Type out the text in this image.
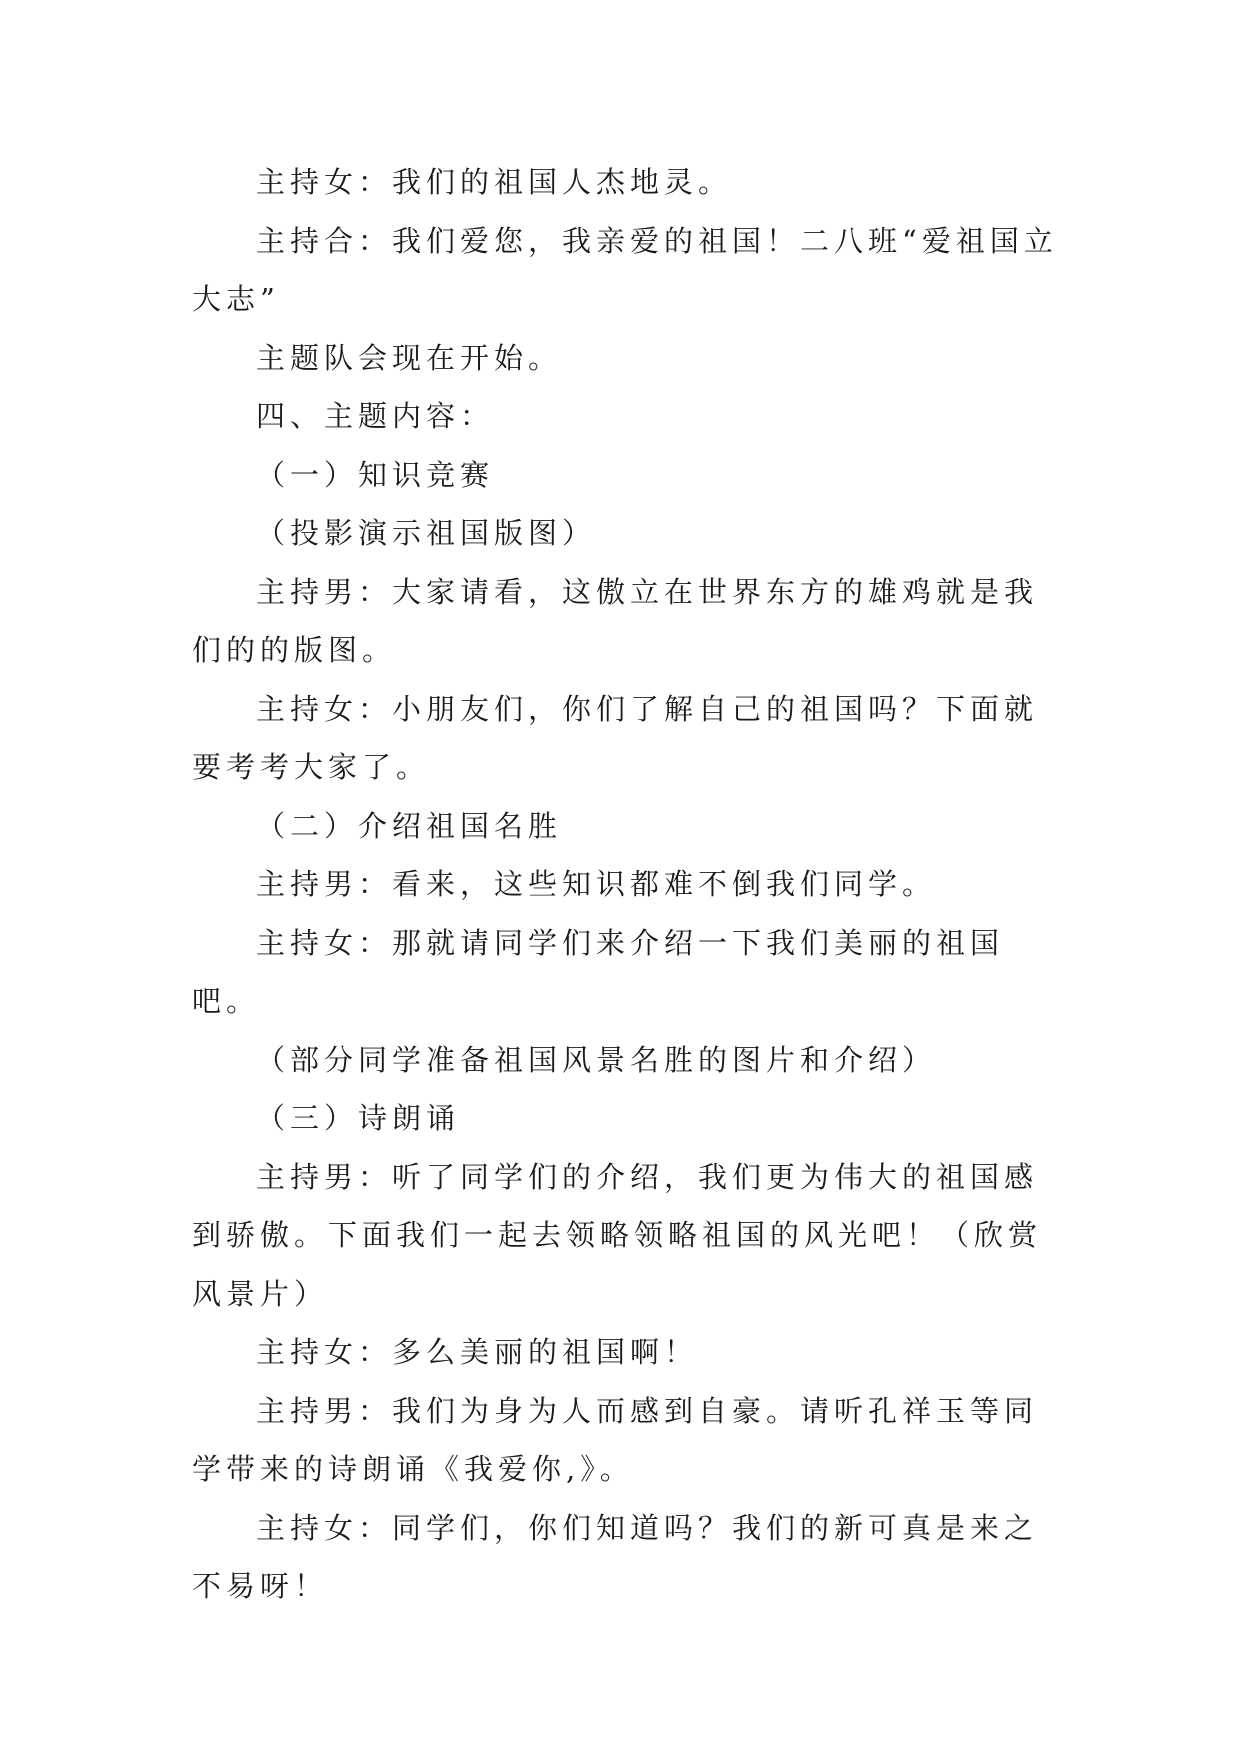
主持女：我们的祖国人杰地灵。

主持合：我们爱您，我亲爱的祖国！二八班“爱祖国立大志”

主题队会现在开始。

四、主题内容：

（一）知识竞赛

（投影演示祖国版图）

主持男：大家请看，这傲立在世界东方的雄鸡就是我们的的版图。

主持女：小朋友们，你们了解自己的祖国吗？下面就要考考大家了。

（二）介绍祖国名胜

主持男：看来，这些知识都难不倒我们同学。

主持女：那就请同学们来介绍一下我们美丽的祖国吧。

（部分同学准备祖国风景名胜的图片和介绍）

（三）诗朗诵

主持男：听了同学们的介绍，我们更为伟大的祖国感到骄傲。下面我们一起去领略领略祖国的风光吧！（欣赏风景片）

主持女：多么美丽的祖国啊！

主持男：我们为身为人而感到自豪。请听孔祥玉等同学带来的诗朗诵《我爱你,》。

主持女：同学们，你们知道吗？我们的新可真是来之不易呀！
